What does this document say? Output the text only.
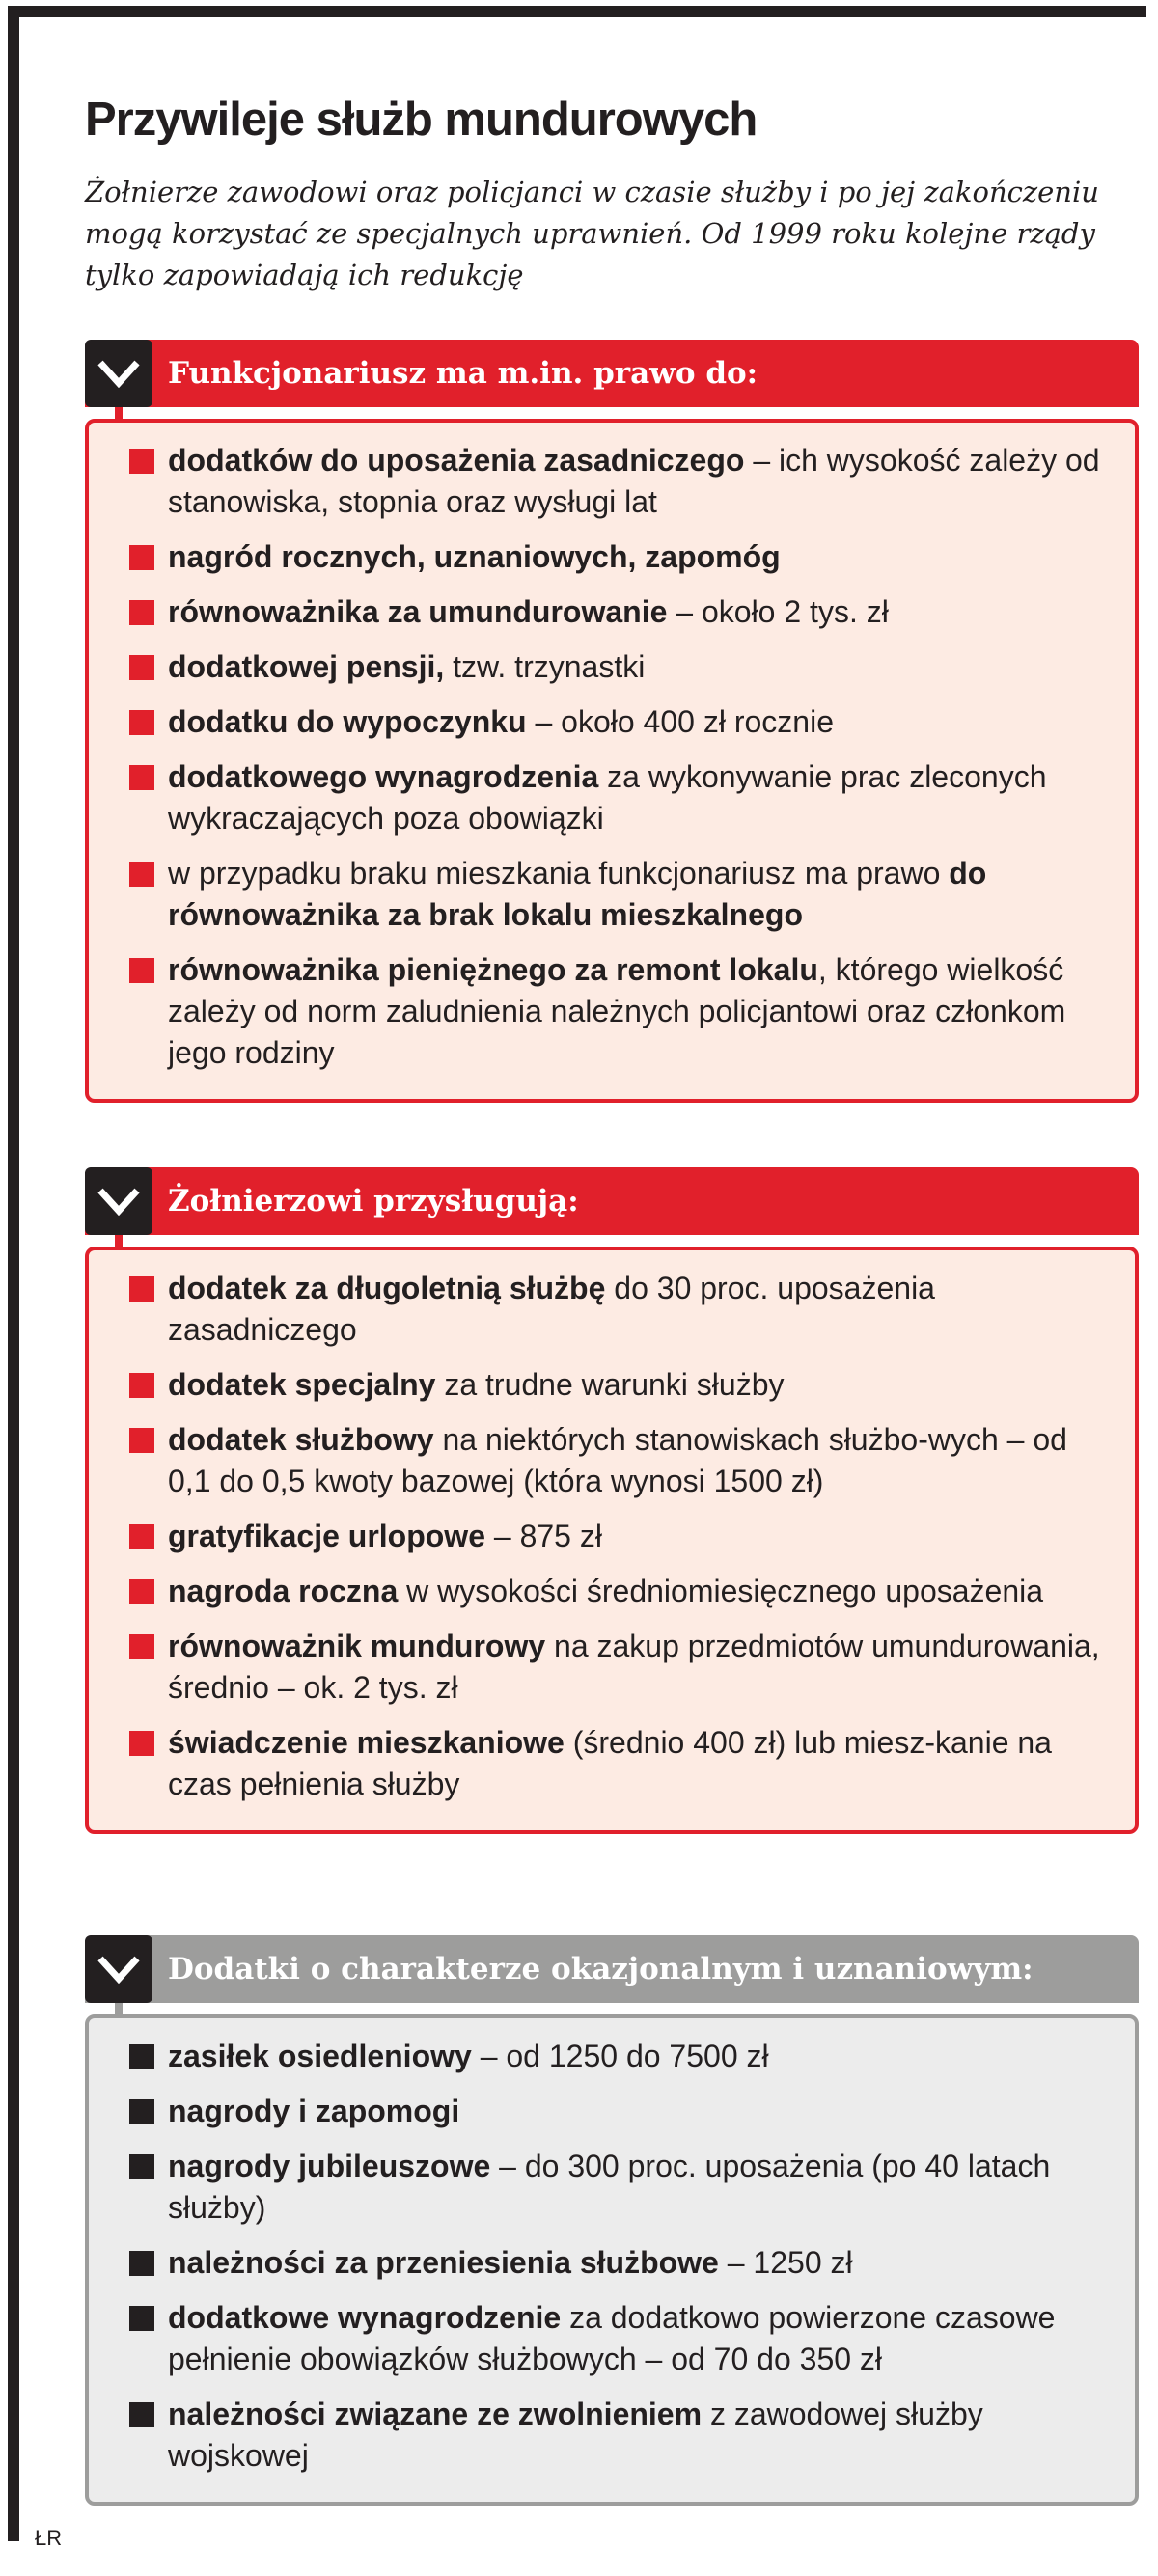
Przywileje służb mundurowych
Żołnierze zawodowi oraz policjanci w czasie służby i po jej zakończeniu mogą korzystać ze specjalnych uprawnień. Od 1999 roku kolejne rządy tylko zapowiadają ich redukcję
Funkcjonariusz ma m.in. prawo do:
dodatków do uposażenia zasadniczego – ich wysokość zależy od stanowiska, stopnia oraz wysługi lat
nagród rocznych, uznaniowych, zapomóg
równoważnika za umundurowanie – około 2 tys. zł
dodatkowej pensji, tzw. trzynastki
dodatku do wypoczynku – około 400 zł rocznie
dodatkowego wynagrodzenia za wykonywanie prac zleconych wykraczających poza obowiązki
w przypadku braku mieszkania funkcjonariusz ma prawo do równoważnika za brak lokalu mieszkalnego
równoważnika pieniężnego za remont lokalu, którego wielkość zależy od norm zaludnienia należnych policjantowi oraz członkom jego rodziny
Żołnierzowi przysługują:
dodatek za długoletnią służbę do 30 proc. uposażenia zasadniczego
dodatek specjalny za trudne warunki służby
dodatek służbowy na niektórych stanowiskach służbo-wych – od 0,1 do 0,5 kwoty bazowej (która wynosi 1500 zł)
gratyfikacje urlopowe – 875 zł
nagroda roczna w wysokości średniomiesięcznego uposażenia
równoważnik mundurowy na zakup przedmiotów umundurowania, średnio – ok. 2 tys. zł
świadczenie mieszkaniowe (średnio 400 zł) lub miesz-kanie na czas pełnienia służby
Dodatki o charakterze okazjonalnym i uznaniowym:
zasiłek osiedleniowy – od 1250 do 7500 zł
nagrody i zapomogi
nagrody jubileuszowe – do 300 proc. uposażenia (po 40 latach służby)
należności za przeniesienia służbowe – 1250 zł
dodatkowe wynagrodzenie za dodatkowo powierzone czasowe pełnienie obowiązków służbowych – od 70 do 350 zł
należności związane ze zwolnieniem z zawodowej służby wojskowej
ŁR
